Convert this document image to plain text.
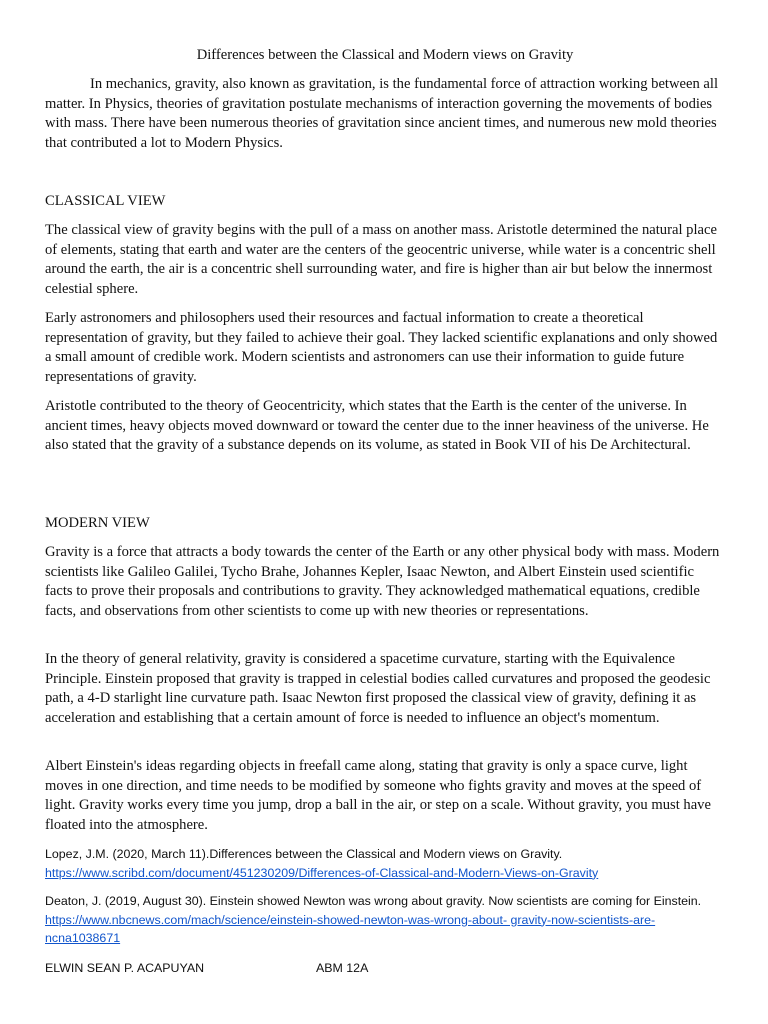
Differences between the Classical and Modern views on Gravity

In mechanics, gravity, also known as gravitation, is the fundamental force of attraction working between all matter. In Physics, theories of gravitation postulate mechanisms of interaction governing the movements of bodies with mass. There have been numerous theories of gravitation since ancient times, and numerous new mold theories that contributed a lot to Modern Physics.

CLASSICAL VIEW

The classical view of gravity begins with the pull of a mass on another mass. Aristotle determined the natural place of elements, stating that earth and water are the centers of the geocentric universe, while water is a concentric shell around the earth, the air is a concentric shell surrounding water, and fire is higher than air but below the innermost celestial sphere.

Early astronomers and philosophers used their resources and factual information to create a theoretical representation of gravity, but they failed to achieve their goal. They lacked scientific explanations and only showed a small amount of credible work. Modern scientists and astronomers can use their information to guide future representations of gravity.

Aristotle contributed to the theory of Geocentricity, which states that the Earth is the center of the universe. In ancient times, heavy objects moved downward or toward the center due to the inner heaviness of the universe. He also stated that the gravity of a substance depends on its volume, as stated in Book VII of his De Architectural.

MODERN VIEW

Gravity is a force that attracts a body towards the center of the Earth or any other physical body with mass. Modern scientists like Galileo Galilei, Tycho Brahe, Johannes Kepler, Isaac Newton, and Albert Einstein used scientific facts to prove their proposals and contributions to gravity. They acknowledged mathematical equations, credible facts, and observations from other scientists to come up with new theories or representations.

In the theory of general relativity, gravity is considered a spacetime curvature, starting with the Equivalence Principle. Einstein proposed that gravity is trapped in celestial bodies called curvatures and proposed the geodesic path, a 4-D starlight line curvature path. Isaac Newton first proposed the classical view of gravity, defining it as acceleration and establishing that a certain amount of force is needed to influence an object's momentum.

Albert Einstein's ideas regarding objects in freefall came along, stating that gravity is only a space curve, light moves in one direction, and time needs to be modified by someone who fights gravity and moves at the speed of light. Gravity works every time you jump, drop a ball in the air, or step on a scale. Without gravity, you must have floated into the atmosphere.

Lopez, J.M. (2020, March 11).Differences between the Classical and Modern views on Gravity.
https://www.scribd.com/document/451230209/Differences-of-Classical-and-Modern-Views-on-Gravity
Deaton, J. (2019, August 30). Einstein showed Newton was wrong about gravity. Now scientists are coming for Einstein.
https://www.nbcnews.com/mach/science/einstein-showed-newton-was-wrong-about- gravity-now-scientists-are-ncna1038671
ELWIN SEAN P. ACAPUYAN	ABM 12A
